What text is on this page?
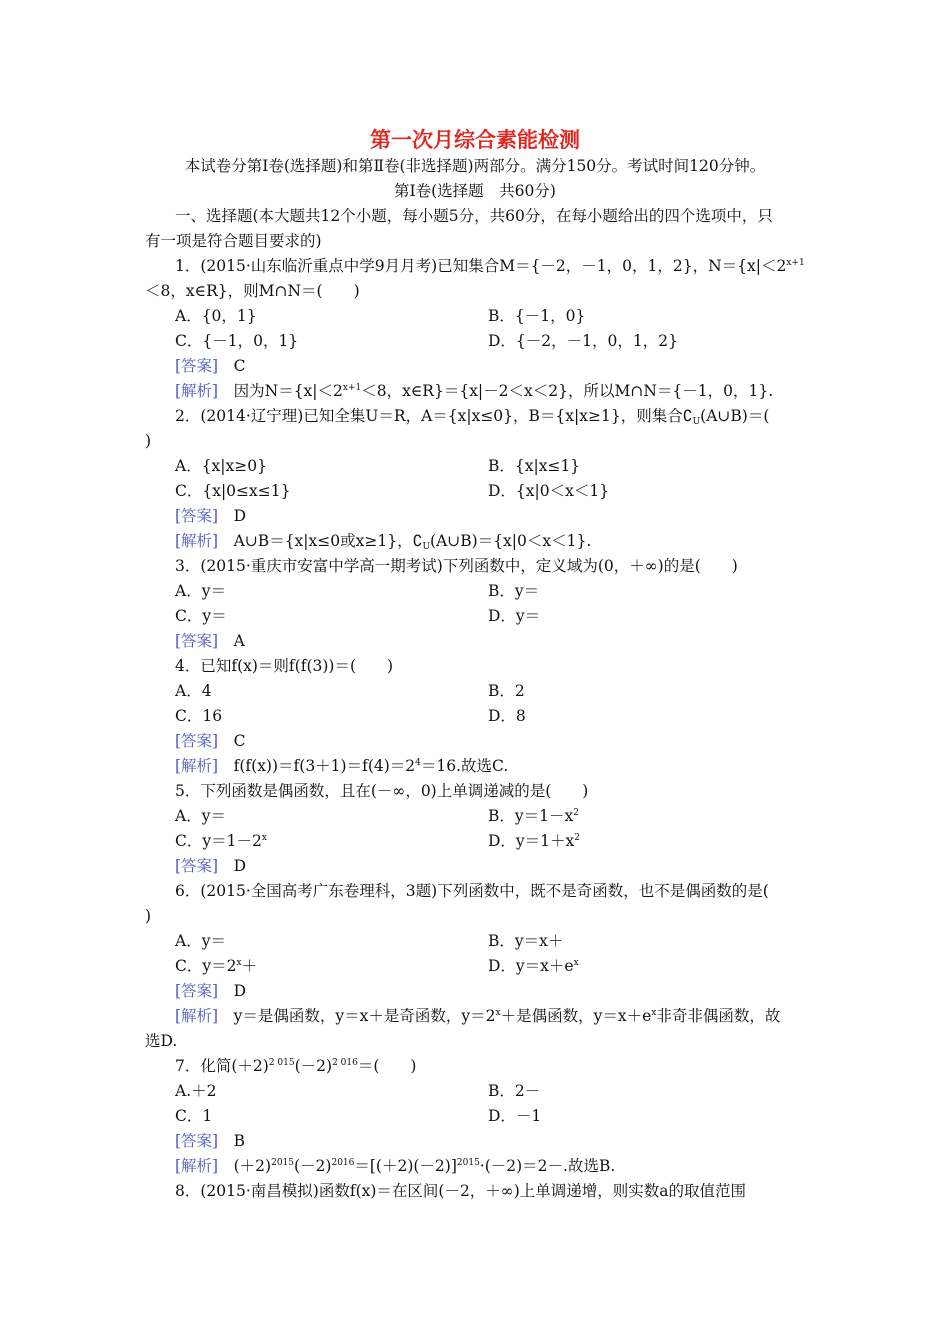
第一次月综合素能检测
本试卷分第Ⅰ卷(选择题)和第Ⅱ卷(非选择题)两部分。满分150分。考试时间120分钟。
第Ⅰ卷(选择题　共60分)
一、选择题(本大题共12个小题，每小题5分，共60分，在每小题给出的四个选项中，只
有一项是符合题目要求的)
1．(2015·山东临沂重点中学9月月考)已知集合M＝{－2，－1，0，1，2}，$N=\{x|<2^{x+1}$
＜8，x∈R}，则M∩N＝(　　)
A．{0，1}	B．{－1，0}
C．{－1，0，1}	D．{－2，－1，0，1，2}
[答案]　 C
[解析]　 因为$N=\{x|<2^{x+1}<8$，x∈R}＝{x|－2＜x＜2}，所以M∩N＝{－1，0，1}.
2．(2014·辽宁理)已知全集U＝R，A＝{x|x≤0}，B＝{x|x≥1}，则集合$∁_U(A\cup B)=$(
)
A．{x|x≥0}	B．{x|x≤1}
C．{x|0≤x≤1}	D．{x|0＜x＜1}
[答案]　 D
[解析]　 A∪B＝{x|x≤0或x≥1}，$∁_U(A\cup B)=\{x|0<x<1\}$.
3．(2015·重庆市安富中学高一期考试)下列函数中，定义域为(0，＋∞)的是(　　)
A．y＝	B．y＝
C．y＝	D．y＝
[答案]　 A
4．已知f(x)＝则f(f(3))＝(　　)
A．4	B．2
C．16	D．8
[答案]　 C
[解析]　 $f(f(x))=f(3+1)=f(4)=2^4=16$.故选C.
5．下列函数是偶函数，且在(－∞，0)上单调递减的是(　　)
A．y＝	B．$y=1-x^2$
C．$y=1-2^x$	D．$y=1+x^2$
[答案]　 D
6．(2015·全国高考广东卷理科，3题)下列函数中，既不是奇函数，也不是偶函数的是(
)
A．y＝	B．y＝x＋
C．$y=2^x+$	D．$y=x+e^x$
[答案]　 D
[解析]　 y＝是偶函数，y＝x＋是奇函数，$y=2^x+$是偶函数，$y=x+e^x$非奇非偶函数，故
选D.
7．化简$(+2)^{2 015}(-2)^{2 016}=$(　　)
A.＋2	B．2－
C．1	D．－1
[答案]　 B
[解析]　 $(+2)^{2015}(-2)^{2016}=[(+2)(-2)]^{2015}\cdot(-2)=2-$.故选B.
8．(2015·南昌模拟)函数f(x)＝在区间(－2，＋∞)上单调递增，则实数a的取值范围
